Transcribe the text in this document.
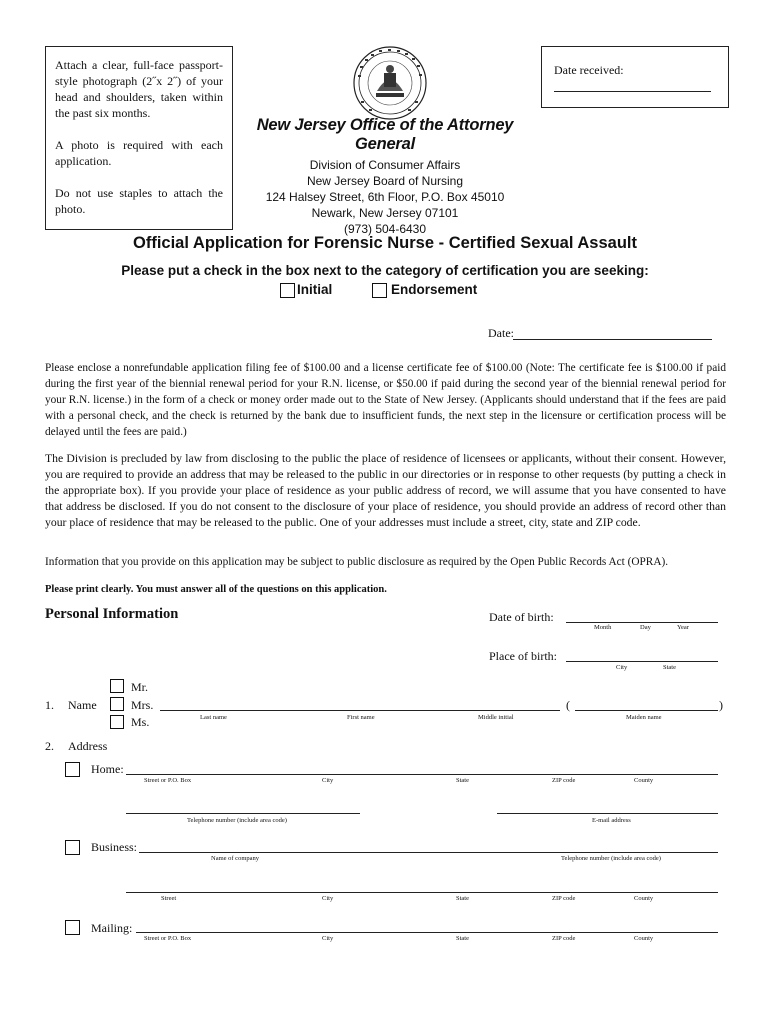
Attach a clear, full-face passport-style photograph (2˝x 2˝) of your head and shoulders, taken within the past six months.

A photo is required with each application.

Do not use staples to attach the photo.

Date received:
New Jersey Office of the Attorney General
Division of Consumer Affairs
New Jersey Board of Nursing
124 Halsey Street, 6th Floor, P.O. Box 45010
Newark, New Jersey 07101
(973) 504-6430
Official Application for Forensic Nurse - Certified Sexual Assault
Please put a check in the box next to the category of certification you are seeking:
Initial	Endorsement
Date:
Please enclose a nonrefundable application filing fee of $100.00 and a license certificate fee of $100.00 (Note: The certificate fee is $100.00 if paid during the first year of the biennial renewal period for your R.N. license, or $50.00 if paid during the second year of the biennial renewal period for your R.N. license.) in the form of a check or money order made out to the State of New Jersey. (Applicants should understand that if the fees are paid with a personal check, and the check is returned by the bank due to insufficient funds, the next step in the licensure or certification process will be delayed until the fees are paid.)
The Division is precluded by law from disclosing to the public the place of residence of licensees or applicants, without their consent. However, you are required to provide an address that may be released to the public in our directories or in response to other requests (by putting a check in the appropriate box). If you provide your place of residence as your public address of record, we will assume that you have consented to have that address be disclosed. If you do not consent to the disclosure of your place of residence, you should provide an address of record other than your place of residence that may be released to the public. One of your addresses must include a street, city, state and ZIP code.
Information that you provide on this application may be subject to public disclosure as required by the Open Public Records Act (OPRA).
Please print clearly. You must answer all of the questions on this application.
Personal Information	Date of birth:
Month	Day	Year
Place of birth:
City	State
Mr.
Mrs.
Ms.
1. Name	(	)
Last name	First name	Middle initial	Maiden name
2. Address
Home:
Street or P.O. Box	City	State	ZIP code	County
Telephone number (include area code)	E-mail address
Business:
Name of company	Telephone number (include area code)
Street	City	State	ZIP code	County
Mailing:
Street or P.O. Box	City	State	ZIP code	County
